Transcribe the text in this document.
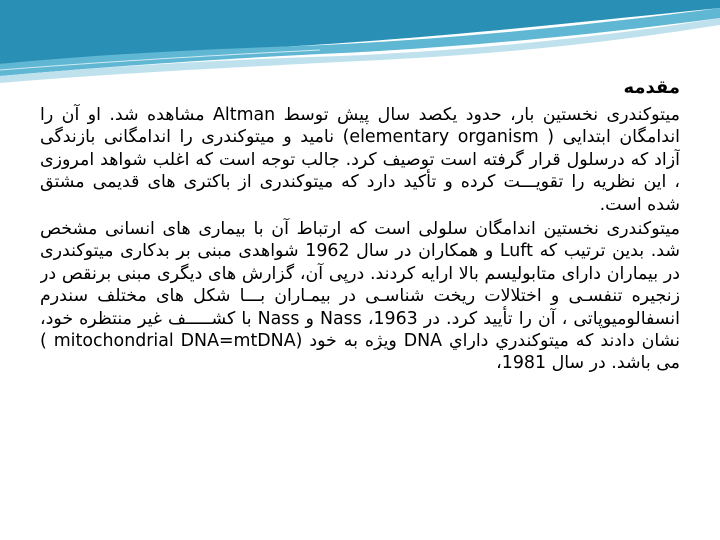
مقدمه

میتوکندری نخستین بار، حدود یکصد سال پیش توسط Altman مشاهده شد. او آن را اندامگان ابتدایی ( elementary organism) نامید و میتوکندری را اندامگانی بازندگی آزاد که درسلول قرار گرفته است توصیف کرد. جالب توجه است که اغلب شواهد امروزی ، این نظریه را تقویـــت کرده و تأکید دارد که میتوکندری از باکتری های قدیمی مشتق شده است.

میتوکندری نخستین اندامگان سلولی است که ارتباط آن با بیماری های انسانی مشخص شد. بدین ترتیب که Luft و همکاران در سال 1962 شواهدی مبنی بر بدکاری میتوکندری در بیماران دارای متابولیسم بالا ارایه کردند. درپی آن، گزارش های دیگری مبنی برنقص در زنجیره تنفسـی و اختلالات ریخت شناسـی در بیمـاران بـــا شکل های مختلف سندرم انسفالومیوپاتی ، آن را تأیید کرد. در 1963، Nass و Nass با کشـــــف غیر منتظره خود، نشان دادند که میتوکندري داراي DNA ویژه به خود (mitochondrial DNA=mtDNA ) می باشد. در سال 1981،
